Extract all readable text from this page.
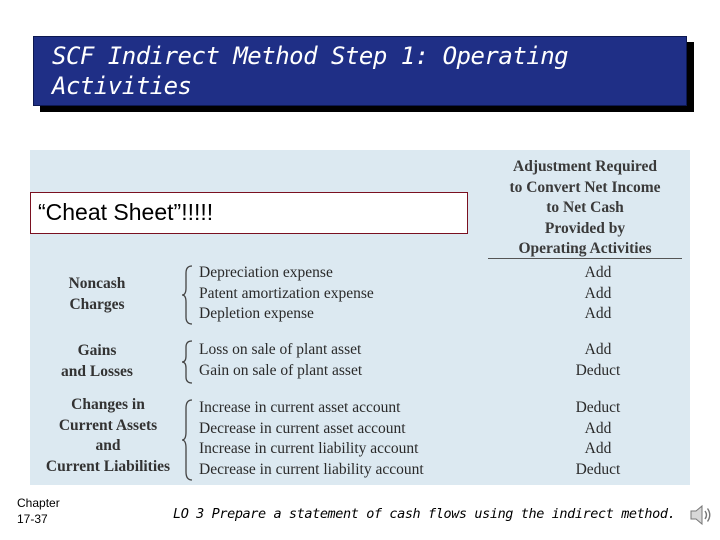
SCF Indirect Method Step 1: Operating Activities
Illustration 17-11
Adjustment Required
to Convert Net Income
to Net Cash
Provided by
Operating Activities
“Cheat Sheet”!!!!!
Noncash
Charges
Depreciation expense
Patent amortization expense
Depletion expense
Add
Add
Add
Gains
and Losses
Loss on sale of plant asset
Gain on sale of plant asset
Add
Deduct
Changes in
Current Assets
and
Current Liabilities
Increase in current asset account
Decrease in current asset account
Increase in current liability account
Decrease in current liability account
Deduct
Add
Add
Deduct
Chapter
17-37	LO 3 Prepare a statement of cash flows using the indirect method.
